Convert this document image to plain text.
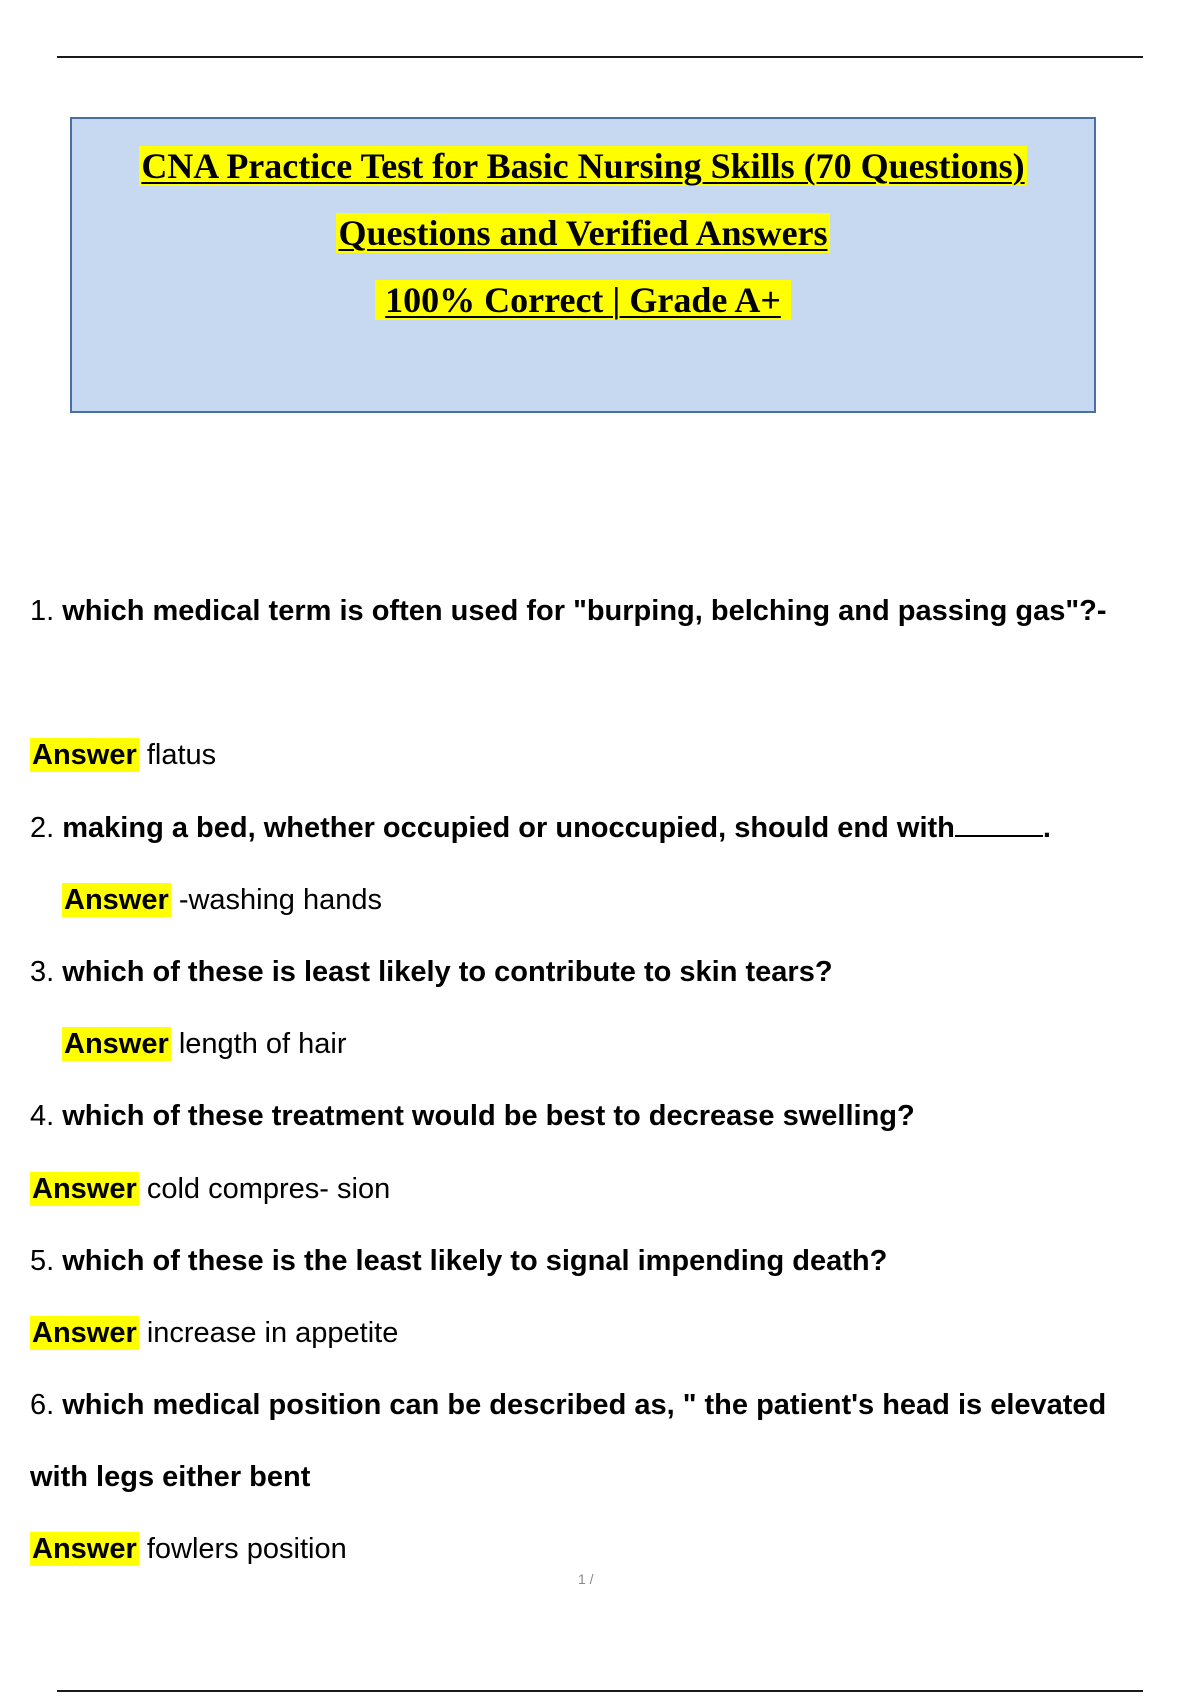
CNA Practice Test for Basic Nursing Skills (70 Questions)
Questions and Verified Answers
100% Correct | Grade A+
1. which medical term is often used for "burping, belching and passing gas"?-
Answer flatus
2. making a bed, whether occupied or unoccupied, should end with	.
Answer -washing hands
3. which of these is least likely to contribute to skin tears?
Answer length of hair
4. which of these treatment would be best to decrease swelling?
Answer cold compres- sion
5. which of these is the least likely to signal impending death?
Answer increase in appetite
6. which medical position can be described as, " the patient's head is elevated
with legs either bent
Answer fowlers position
1 /
